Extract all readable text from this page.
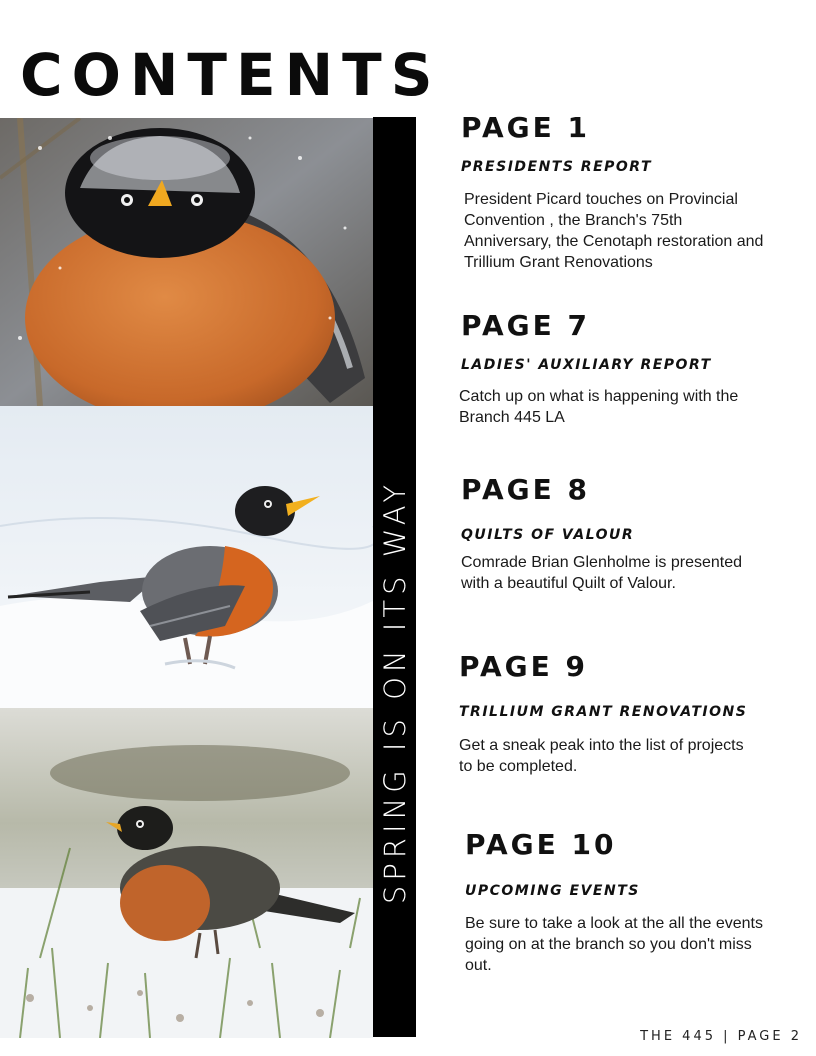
CONTENTS
SPRING IS ON ITS WAY
PAGE 1
PRESIDENTS REPORT
President Picard touches on Provincial Convention , the Branch's 75th Anniversary, the Cenotaph restoration and Trillium Grant Renovations
PAGE 7
LADIES' AUXILIARY REPORT
Catch up on what is happening with the Branch 445 LA
PAGE 8
QUILTS OF VALOUR
Comrade Brian Glenholme is presented with a beautiful Quilt of Valour.
PAGE 9
TRILLIUM GRANT RENOVATIONS
Get a sneak peak into the list of projects to be completed.
PAGE 10
UPCOMING EVENTS
Be sure to take a look at the all the events going on at the branch so you don't miss out.
THE 445 | PAGE 2
